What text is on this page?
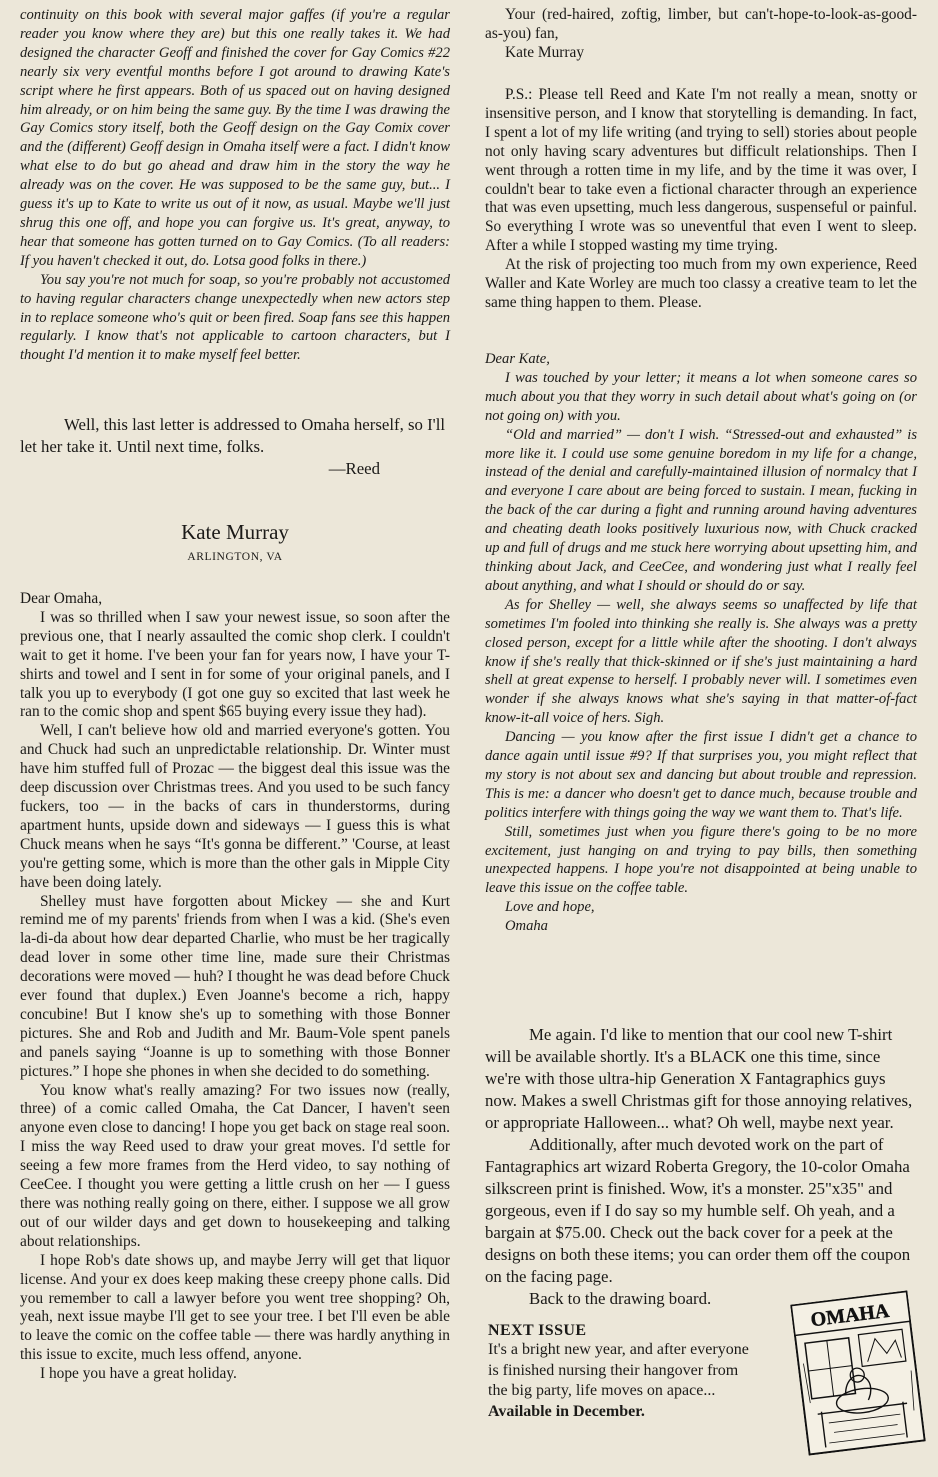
continuity on this book with several major gaffes (if you're a regular reader you know where they are) but this one really takes it. We had designed the character Geoff and finished the cover for Gay Comics #22 nearly six very eventful months before I got around to drawing Kate's script where he first appears. Both of us spaced out on having designed him already, or on him being the same guy. By the time I was drawing the Gay Comics story itself, both the Geoff design on the Gay Comix cover and the (different) Geoff design in Omaha itself were a fact. I didn't know what else to do but go ahead and draw him in the story the way he already was on the cover. He was supposed to be the same guy, but... I guess it's up to Kate to write us out of it now, as usual. Maybe we'll just shrug this one off, and hope you can forgive us. It's great, anyway, to hear that someone has gotten turned on to Gay Comics. (To all readers: If you haven't checked it out, do. Lotsa good folks in there.)

You say you're not much for soap, so you're probably not accustomed to having regular characters change unexpectedly when new actors step in to replace someone who's quit or been fired. Soap fans see this happen regularly. I know that's not applicable to cartoon characters, but I thought I'd mention it to make myself feel better.

Well, this last letter is addressed to Omaha herself, so I'll let her take it. Until next time, folks.

—Reed

Kate Murray

ARLINGTON, VA

Dear Omaha,

I was so thrilled when I saw your newest issue, so soon after the previous one, that I nearly assaulted the comic shop clerk. I couldn't wait to get it home. I've been your fan for years now, I have your T-shirts and towel and I sent in for some of your original panels, and I talk you up to everybody (I got one guy so excited that last week he ran to the comic shop and spent $65 buying every issue they had).

Well, I can't believe how old and married everyone's gotten. You and Chuck had such an unpredictable relationship. Dr. Winter must have him stuffed full of Prozac — the biggest deal this issue was the deep discussion over Christmas trees. And you used to be such fancy fuckers, too — in the backs of cars in thunderstorms, during apartment hunts, upside down and sideways — I guess this is what Chuck means when he says “It's gonna be different.” 'Course, at least you're getting some, which is more than the other gals in Mipple City have been doing lately.

Shelley must have forgotten about Mickey — she and Kurt remind me of my parents' friends from when I was a kid. (She's even la-di-da about how dear departed Charlie, who must be her tragically dead lover in some other time line, made sure their Christmas decorations were moved — huh? I thought he was dead before Chuck ever found that duplex.) Even Joanne's become a rich, happy concubine! But I know she's up to something with those Bonner pictures. She and Rob and Judith and Mr. Baum-Vole spent panels and panels saying “Joanne is up to something with those Bonner pictures.” I hope she phones in when she decided to do something.

You know what's really amazing? For two issues now (really, three) of a comic called Omaha, the Cat Dancer, I haven't seen anyone even close to dancing! I hope you get back on stage real soon. I miss the way Reed used to draw your great moves. I'd settle for seeing a few more frames from the Herd video, to say nothing of CeeCee. I thought you were getting a little crush on her — I guess there was nothing really going on there, either. I suppose we all grow out of our wilder days and get down to housekeeping and talking about relationships.

I hope Rob's date shows up, and maybe Jerry will get that liquor license. And your ex does keep making these creepy phone calls. Did you remember to call a lawyer before you went tree shopping? Oh, yeah, next issue maybe I'll get to see your tree. I bet I'll even be able to leave the comic on the coffee table — there was hardly anything in this issue to excite, much less offend, anyone.

I hope you have a great holiday.

Your (red-haired, zoftig, limber, but can't-hope-to-look-as-good-as-you) fan,

Kate Murray

P.S.: Please tell Reed and Kate I'm not really a mean, snotty or insensitive person, and I know that storytelling is demanding. In fact, I spent a lot of my life writing (and trying to sell) stories about people not only having scary adventures but difficult relationships. Then I went through a rotten time in my life, and by the time it was over, I couldn't bear to take even a fictional character through an experience that was even upsetting, much less dangerous, suspenseful or painful. So everything I wrote was so uneventful that even I went to sleep. After a while I stopped wasting my time trying.

At the risk of projecting too much from my own experience, Reed Waller and Kate Worley are much too classy a creative team to let the same thing happen to them. Please.

Dear Kate,

I was touched by your letter; it means a lot when someone cares so much about you that they worry in such detail about what's going on (or not going on) with you.

“Old and married” — don't I wish. “Stressed-out and exhausted” is more like it. I could use some genuine boredom in my life for a change, instead of the denial and carefully-maintained illusion of normalcy that I and everyone I care about are being forced to sustain. I mean, fucking in the back of the car during a fight and running around having adventures and cheating death looks positively luxurious now, with Chuck cracked up and full of drugs and me stuck here worrying about upsetting him, and thinking about Jack, and CeeCee, and wondering just what I really feel about anything, and what I should or should do or say.

As for Shelley — well, she always seems so unaffected by life that sometimes I'm fooled into thinking she really is. She always was a pretty closed person, except for a little while after the shooting. I don't always know if she's really that thick-skinned or if she's just maintaining a hard shell at great expense to herself. I probably never will. I sometimes even wonder if she always knows what she's saying in that matter-of-fact know-it-all voice of hers. Sigh.

Dancing — you know after the first issue I didn't get a chance to dance again until issue #9? If that surprises you, you might reflect that my story is not about sex and dancing but about trouble and repression. This is me: a dancer who doesn't get to dance much, because trouble and politics interfere with things going the way we want them to. That's life.

Still, sometimes just when you figure there's going to be no more excitement, just hanging on and trying to pay bills, then something unexpected happens. I hope you're not disappointed at being unable to leave this issue on the coffee table.

Love and hope,

Omaha

Me again. I'd like to mention that our cool new T-shirt will be available shortly. It's a BLACK one this time, since we're with those ultra-hip Generation X Fantagraphics guys now. Makes a swell Christmas gift for those annoying relatives, or appropriate Halloween... what? Oh well, maybe next year.

Additionally, after much devoted work on the part of Fantagraphics art wizard Roberta Gregory, the 10-color Omaha silkscreen print is finished. Wow, it's a monster. 25"x35" and gorgeous, even if I do say so my humble self. Oh yeah, and a bargain at $75.00. Check out the back cover for a peek at the designs on both these items; you can order them off the coupon on the facing page.

Back to the drawing board.

NEXT ISSUE

It's a bright new year, and after everyone is finished nursing their hangover from the big party, life moves on apace...

Available in December.

OMAHA
